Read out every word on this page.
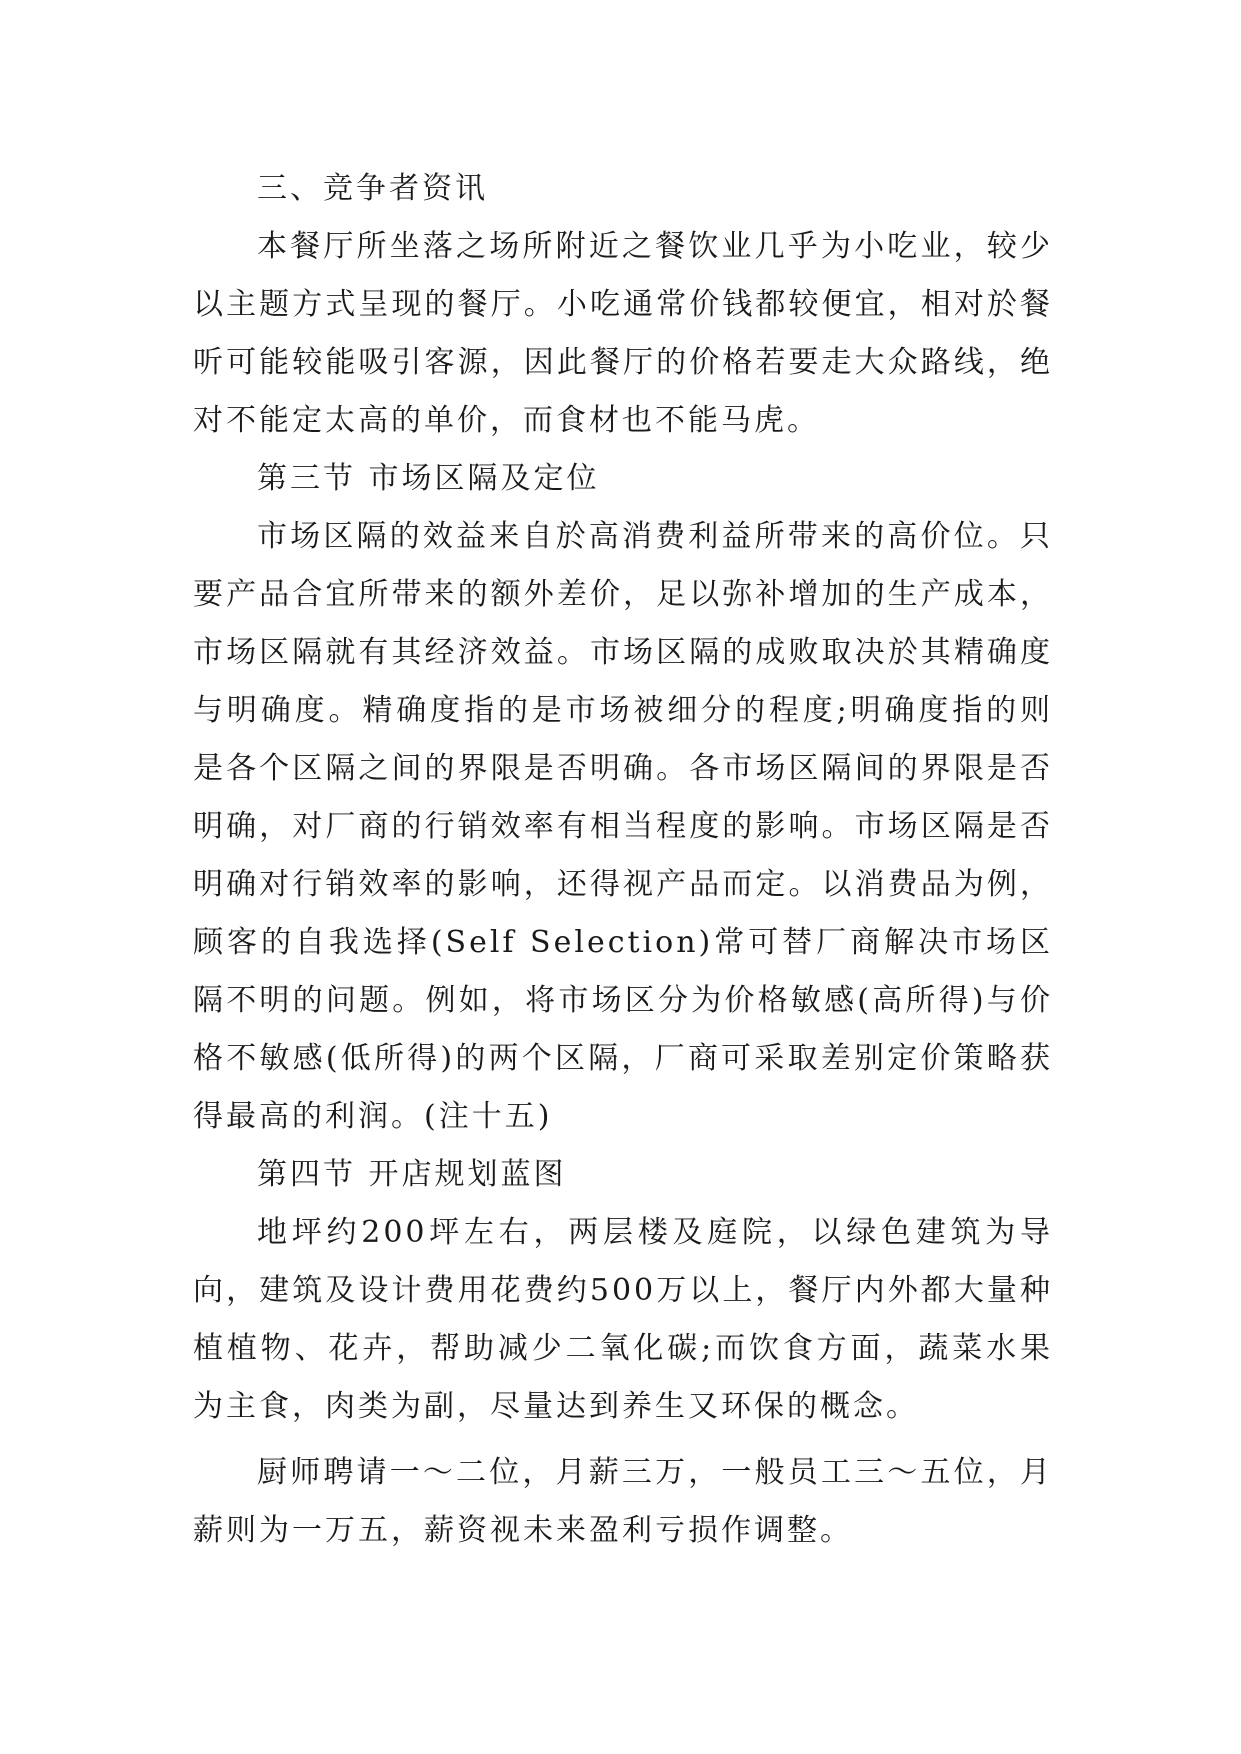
三、竞争者资讯

本餐厅所坐落之场所附近之餐饮业几乎为小吃业，较少以主题方式呈现的餐厅。小吃通常价钱都较便宜，相对於餐听可能较能吸引客源，因此餐厅的价格若要走大众路线，绝对不能定太高的单价，而食材也不能马虎。

第三节 市场区隔及定位

市场区隔的效益来自於高消费利益所带来的高价位。只要产品合宜所带来的额外差价，足以弥补增加的生产成本，市场区隔就有其经济效益。市场区隔的成败取决於其精确度与明确度。精确度指的是市场被细分的程度;明确度指的则是各个区隔之间的界限是否明确。各市场区隔间的界限是否明确，对厂商的行销效率有相当程度的影响。市场区隔是否明确对行销效率的影响，还得视产品而定。以消费品为例，顾客的自我选择(Self Selection)常可替厂商解决市场区隔不明的问题。例如，将市场区分为价格敏感(高所得)与价格不敏感(低所得)的两个区隔，厂商可采取差别定价策略获得最高的利润。(注十五)

第四节 开店规划蓝图

地坪约200坪左右，两层楼及庭院，以绿色建筑为导向，建筑及设计费用花费约500万以上，餐厅内外都大量种植植物、花卉，帮助减少二氧化碳;而饮食方面，蔬菜水果为主食，肉类为副，尽量达到养生又环保的概念。

厨师聘请一～二位，月薪三万，一般员工三～五位，月薪则为一万五，薪资视未来盈利亏损作调整。
